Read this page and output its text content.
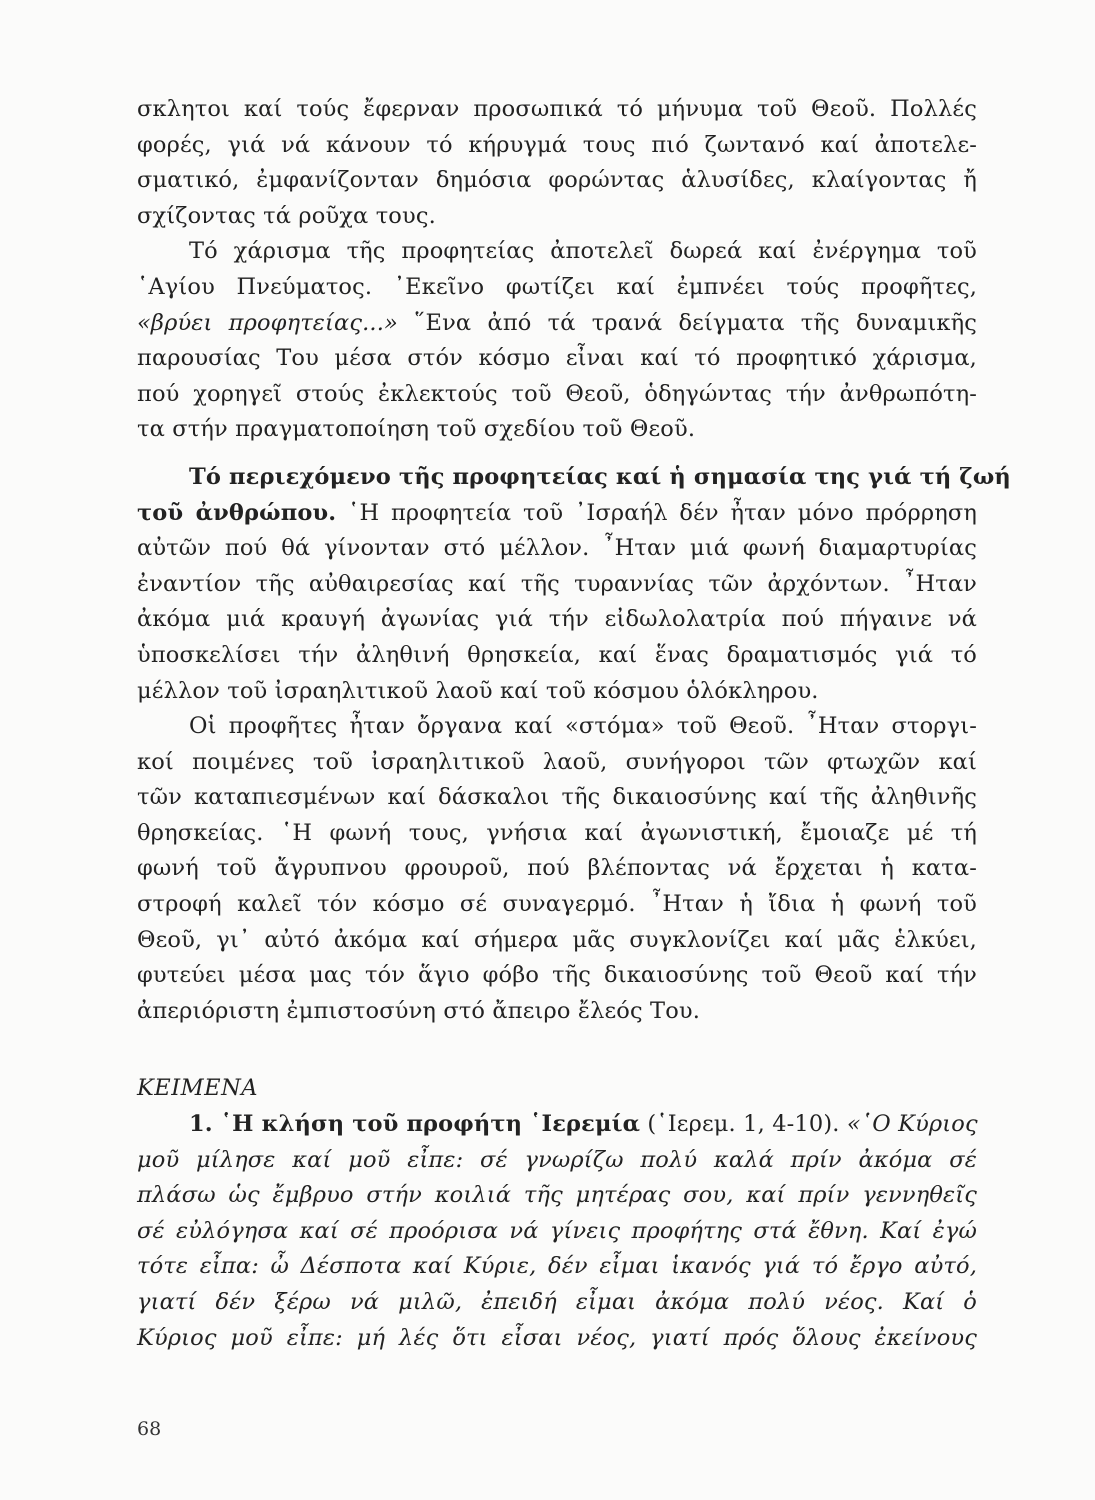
σκλητοι καί τούς ἔφερναν προσωπικά τό μήνυμα τοῦ Θεοῦ. Πολλές
φορές, γιά νά κάνουν τό κήρυγμά τους πιό ζωντανό καί ἀποτελε-
σματικό, ἐμφανίζονταν δημόσια φορώντας ἁλυσίδες, κλαίγοντας ἤ
σχίζοντας τά ροῦχα τους.
Τό χάρισμα τῆς προφητείας ἀποτελεῖ δωρεά καί ἐνέργημα τοῦ
῾Αγίου Πνεύματος. ᾿Εκεῖνο φωτίζει καί ἐμπνέει τούς προφῆτες,
«βρύει προφητείας...» ῞Ενα ἀπό τά τρανά δείγματα τῆς δυναμικῆς
παρουσίας Του μέσα στόν κόσμο εἶναι καί τό προφητικό χάρισμα,
πού χορηγεῖ στούς ἐκλεκτούς τοῦ Θεοῦ, ὁδηγώντας τήν ἀνθρωπότη-
τα στήν πραγματοποίηση τοῦ σχεδίου τοῦ Θεοῦ.
Τό περιεχόμενο τῆς προφητείας καί ἡ σημασία της γιά τή ζωή
τοῦ ἀνθρώπου. ῾Η προφητεία τοῦ ᾿Ισραήλ δέν ἦταν μόνο πρόρρηση
αὐτῶν πού θά γίνονταν στό μέλλον. ῏Ηταν μιά φωνή διαμαρτυρίας
ἐναντίον τῆς αὐθαιρεσίας καί τῆς τυραννίας τῶν ἀρχόντων. ῏Ηταν
ἀκόμα μιά κραυγή ἀγωνίας γιά τήν εἰδωλολατρία πού πήγαινε νά
ὑποσκελίσει τήν ἀληθινή θρησκεία, καί ἕνας δραματισμός γιά τό
μέλλον τοῦ ἰσραηλιτικοῦ λαοῦ καί τοῦ κόσμου ὁλόκληρου.
Οἱ προφῆτες ἦταν ὄργανα καί «στόμα» τοῦ Θεοῦ. ῏Ηταν στοργι-
κοί ποιμένες τοῦ ἰσραηλιτικοῦ λαοῦ, συνήγοροι τῶν φτωχῶν καί
τῶν καταπιεσμένων καί δάσκαλοι τῆς δικαιοσύνης καί τῆς ἀληθινῆς
θρησκείας. ῾Η φωνή τους, γνήσια καί ἀγωνιστική, ἔμοιαζε μέ τή
φωνή τοῦ ἄγρυπνου φρουροῦ, πού βλέποντας νά ἔρχεται ἡ κατα-
στροφή καλεῖ τόν κόσμο σέ συναγερμό. ῏Ηταν ἡ ἴδια ἡ φωνή τοῦ
Θεοῦ, γι᾿ αὐτό ἀκόμα καί σήμερα μᾶς συγκλονίζει καί μᾶς ἑλκύει,
φυτεύει μέσα μας τόν ἅγιο φόβο τῆς δικαιοσύνης τοῦ Θεοῦ καί τήν
ἀπεριόριστη ἐμπιστοσύνη στό ἄπειρο ἔλεός Του.
ΚΕΙΜΕΝΑ
1. ῾Η κλήση τοῦ προφήτη ῾Ιερεμία (῾Ιερεμ. 1, 4-10). «῾Ο Κύριος
μοῦ μίλησε καί μοῦ εἶπε: σέ γνωρίζω πολύ καλά πρίν ἀκόμα σέ
πλάσω ὡς ἔμβρυο στήν κοιλιά τῆς μητέρας σου, καί πρίν γεννηθεῖς
σέ εὐλόγησα καί σέ προόρισα νά γίνεις προφήτης στά ἔθνη. Καί ἐγώ
τότε εἶπα: ὦ Δέσποτα καί Κύριε, δέν εἶμαι ἱκανός γιά τό ἔργο αὐτό,
γιατί δέν ξέρω νά μιλῶ, ἐπειδή εἶμαι ἀκόμα πολύ νέος. Καί ὁ
Κύριος μοῦ εἶπε: μή λές ὅτι εἶσαι νέος, γιατί πρός ὅλους ἐκείνους
68
